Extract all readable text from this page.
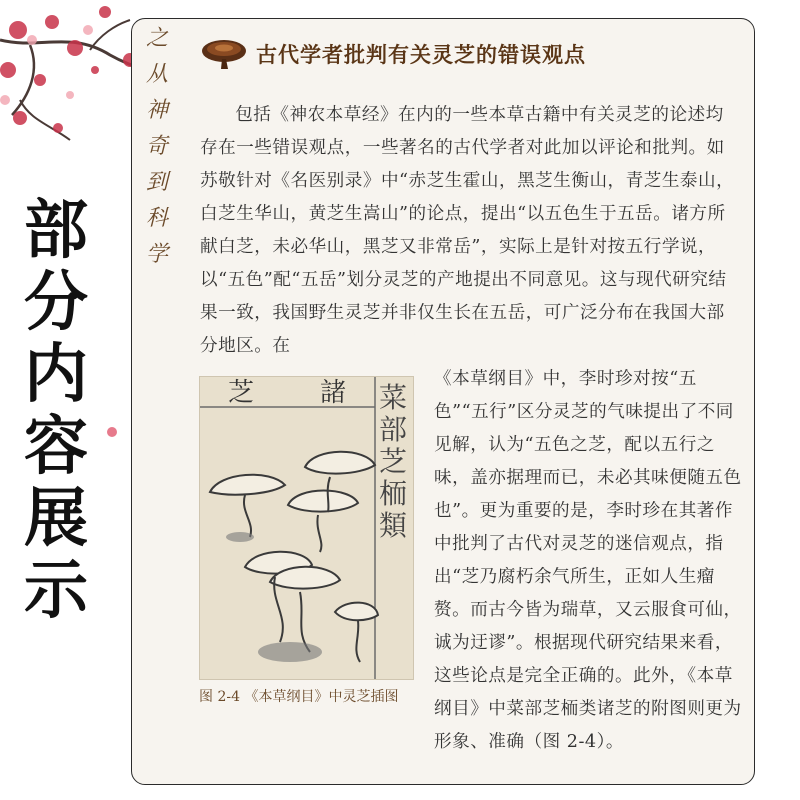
部
分
内
容
展
示
之
从
神
奇
到
科
学
古代学者批判有关灵芝的错误观点

包括《神农本草经》在内的一些本草古籍中有关灵芝的论述均存在一些错误观点，一些著名的古代学者对此加以评论和批判。如苏敬针对《名医别录》中“赤芝生霍山，黑芝生衡山，青芝生泰山，白芝生华山，黄芝生嵩山”的论点，提出“以五色生于五岳。诸方所献白芝，未必华山，黑芝又非常岳”，实际上是针对按五行学说，以“五色”配“五岳”划分灵芝的产地提出不同意见。这与现代研究结果一致，我国野生灵芝并非仅生长在五岳，可广泛分布在我国大部分地区。在

芝	諸 菜
部
芝
栭
類
图 2-4 《本草纲目》中灵芝插图
《本草纲目》中，李时珍对按“五色”“五行”区分灵芝的气味提出了不同见解，认为“五色之芝，配以五行之味，盖亦据理而已，未必其味便随五色也”。更为重要的是，李时珍在其著作中批判了古代对灵芝的迷信观点，指出“芝乃腐朽余气所生，正如人生瘤赘。而古今皆为瑞草，又云服食可仙，诚为迂谬”。根据现代研究结果来看，这些论点是完全正确的。此外，《本草纲目》中菜部芝栭类诸芝的附图则更为形象、准确（图 2-4）。
